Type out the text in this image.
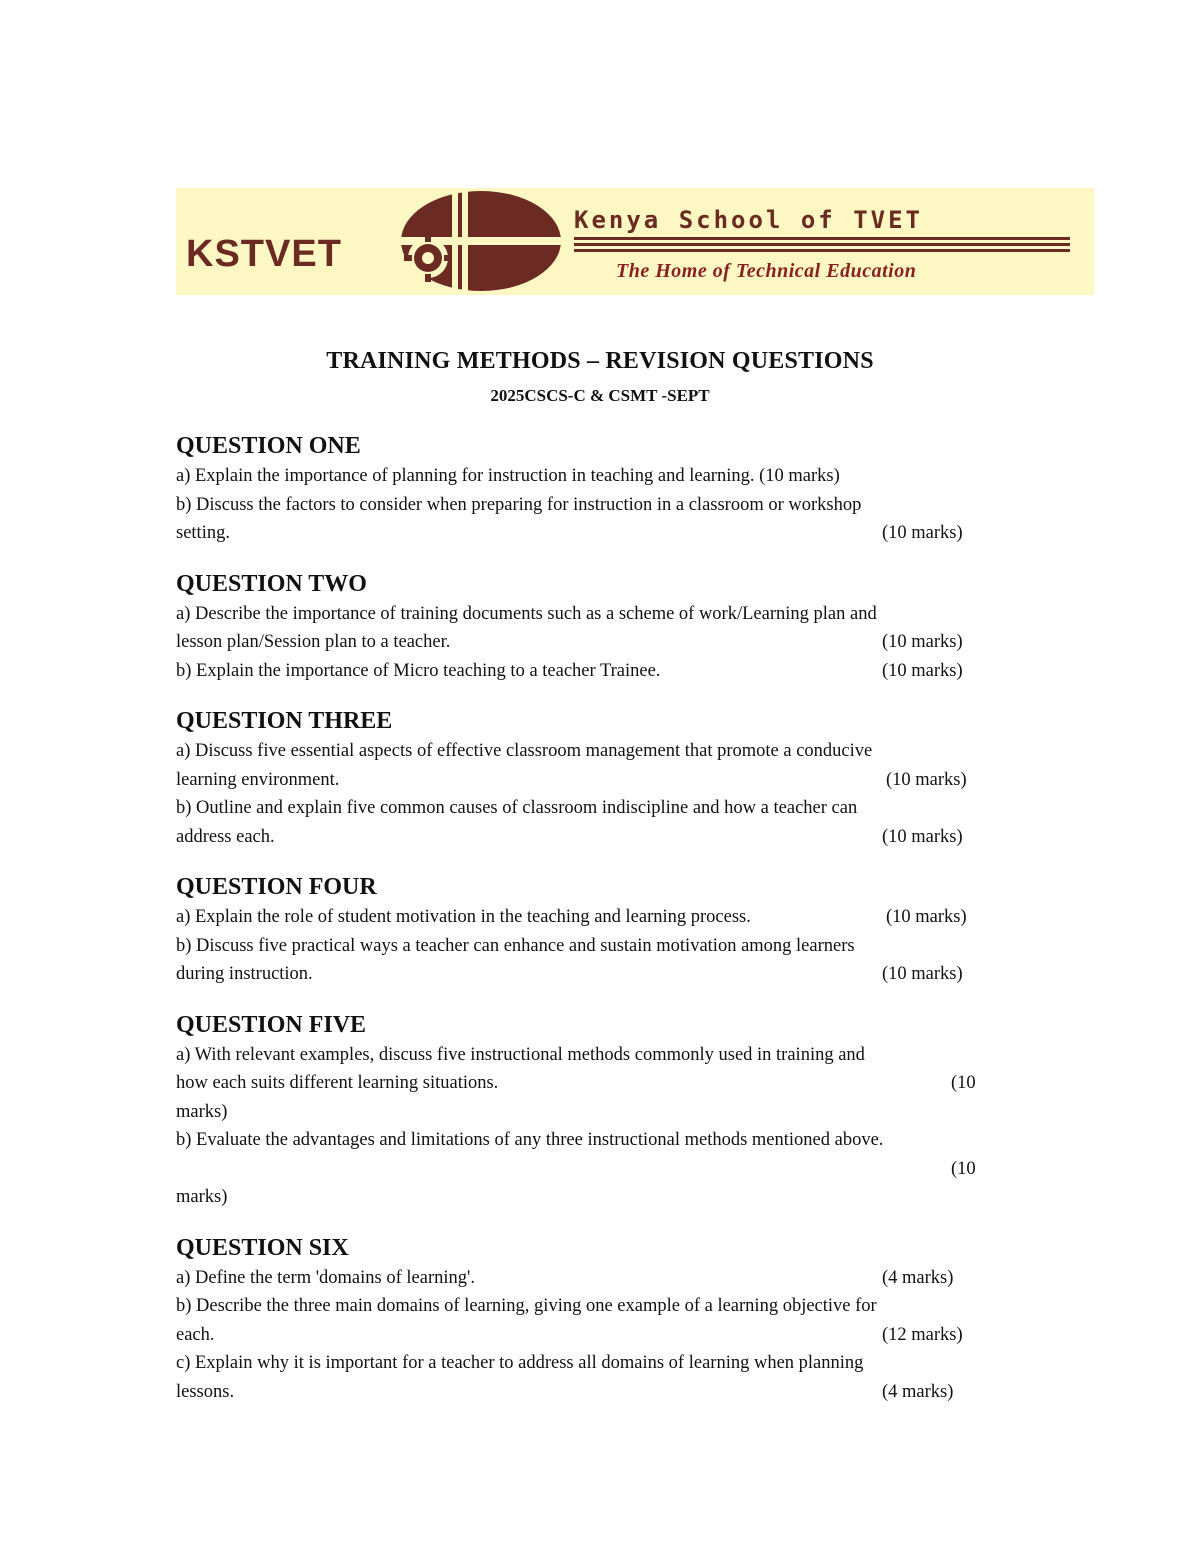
KSTVET
Kenya School of TVET
The Home of Technical Education
TRAINING METHODS – REVISION QUESTIONS
2025CSCS-C & CSMT -SEPT
QUESTION ONE
a) Explain the importance of planning for instruction in teaching and learning. (10 marks)
b) Discuss the factors to consider when preparing for instruction in a classroom or workshop
setting.	(10 marks)
QUESTION TWO
a) Describe the importance of training documents such as a scheme of work/Learning plan and
lesson plan/Session plan to a teacher.	(10 marks)
b) Explain the importance of Micro teaching to a teacher Trainee.	(10 marks)
QUESTION THREE
a) Discuss five essential aspects of effective classroom management that promote a conducive
learning environment.	(10 marks)
b) Outline and explain five common causes of classroom indiscipline and how a teacher can
address each.	(10 marks)
QUESTION FOUR
a) Explain the role of student motivation in the teaching and learning process.	(10 marks)
b) Discuss five practical ways a teacher can enhance and sustain motivation among learners
during instruction.	(10 marks)
QUESTION FIVE
a) With relevant examples, discuss five instructional methods commonly used in training and
how each suits different learning situations.	(10
marks)
b) Evaluate the advantages and limitations of any three instructional methods mentioned above.
(10
marks)
QUESTION SIX
a) Define the term 'domains of learning'.	(4 marks)
b) Describe the three main domains of learning, giving one example of a learning objective for
each.	(12 marks)
c) Explain why it is important for a teacher to address all domains of learning when planning
lessons.	(4 marks)
